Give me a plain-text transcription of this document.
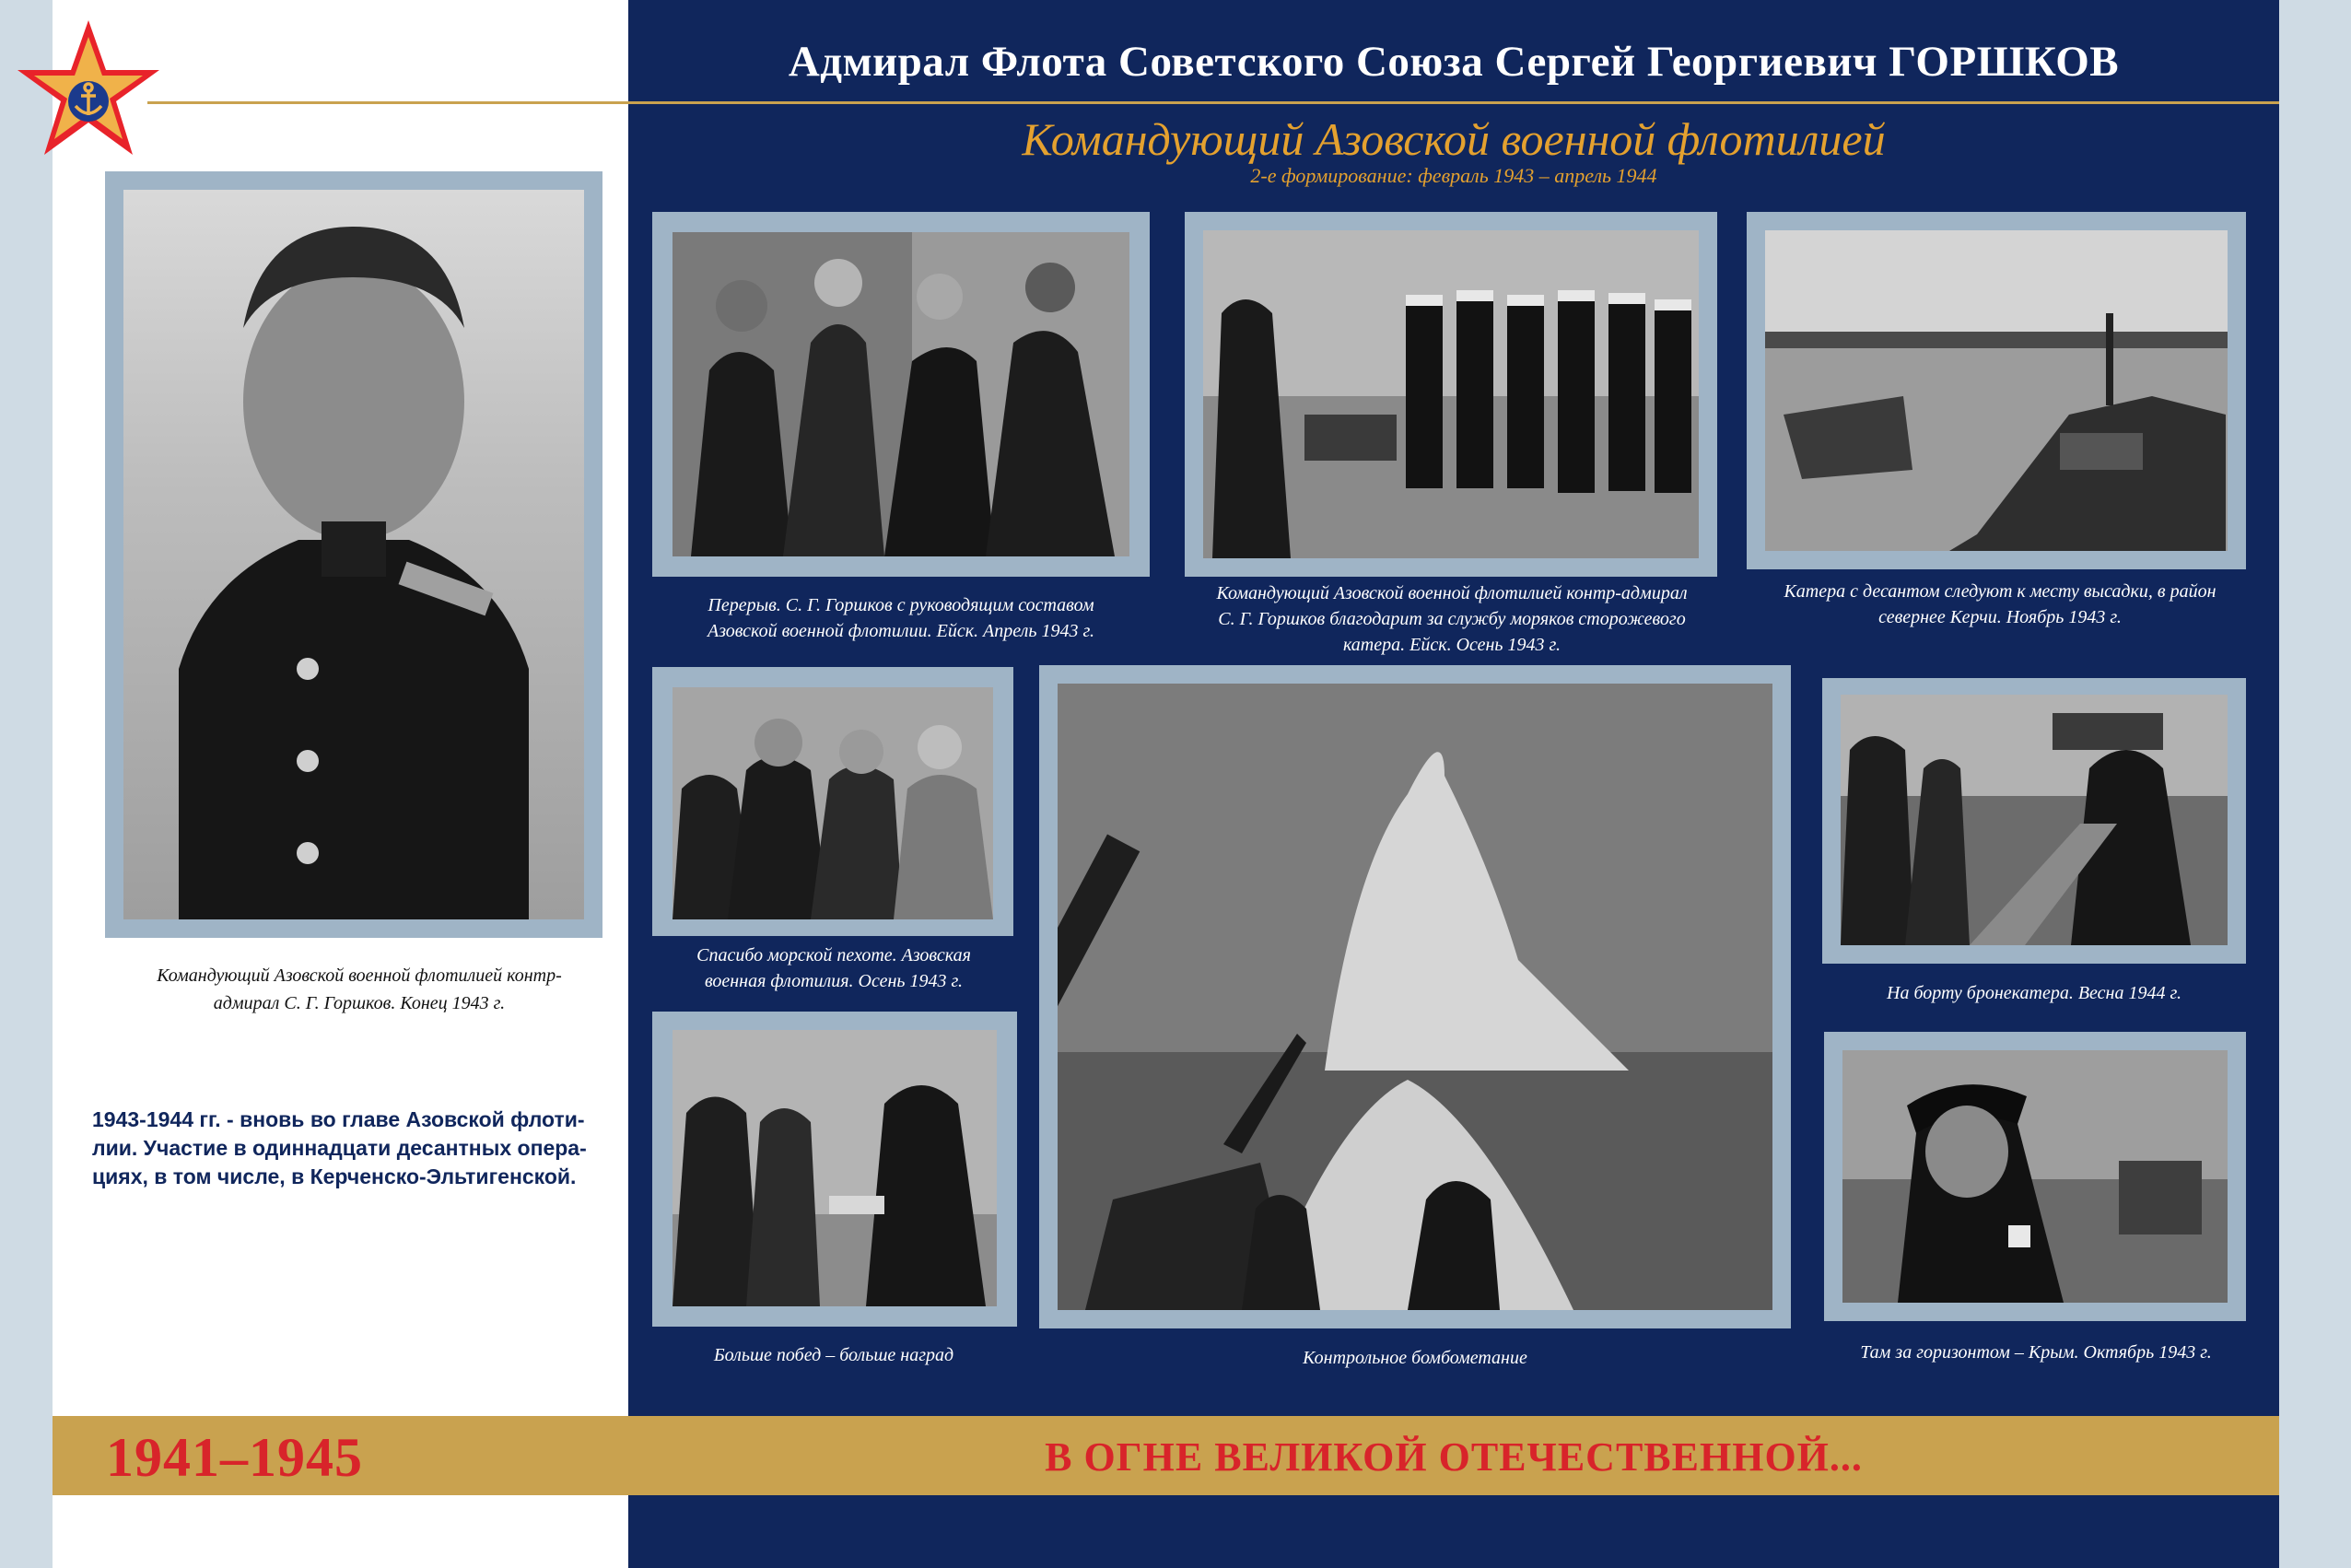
Адмирал Флота Советского Союза Сергей Георгиевич ГОРШКОВ
Командующий Азовской военной флотилией
2-е формирование: февраль 1943 – апрель 1944
Командующий Азовской военной флотилией контр-
адмирал С. Г. Горшков. Конец 1943 г.
1943-1944 гг. - вновь во главе Азовской флоти-
лии. Участие в одиннадцати десантных опера-
циях, в том числе, в Керченско-Эльтигенской.
Перерыв. С. Г. Горшков с руководящим составом
Азовской военной флотилии. Ейск. Апрель 1943 г.
Командующий Азовской военной флотилией контр-адмирал
С. Г. Горшков благодарит за службу моряков сторожевого
катера. Ейск. Осень 1943 г.
Катера с десантом следуют к месту высадки, в район
севернее Керчи. Ноябрь 1943 г.
Спасибо морской пехоте. Азовская
военная флотилия. Осень 1943 г.
Контрольное бомбометание
На борту бронекатера. Весна 1944 г.
Больше побед – больше наград	Там за горизонтом – Крым. Октябрь 1943 г.
1941–1945	В ОГНЕ ВЕЛИКОЙ ОТЕЧЕСТВЕННОЙ...
